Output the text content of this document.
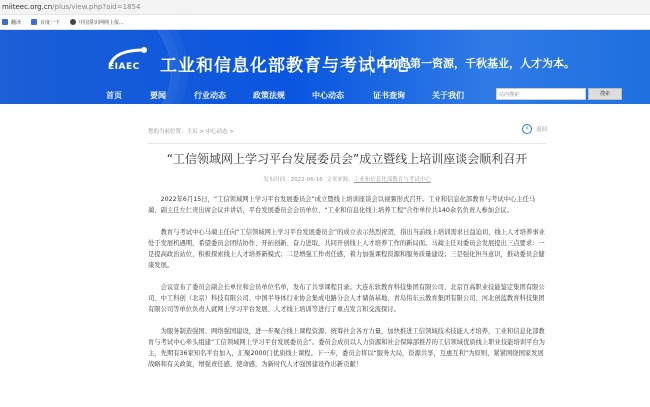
miiteec.org.cn/plus/view.php?aid=1854
翻译	百度一下	中国常识网网上报...
EIAEC 工业和信息化部教育与考试中心
人才是第一资源，千秋基业，人才为本。
首页	要闻	行业动态	政策法规	中心动态	证书查询	关于我们	站内搜索	搜索
您的当前位置：主页 > 中心动态 >	‹	返回
“工信领域网上学习平台发展委员会”成立暨线上培训座谈会顺利召开
发布时间：2022-06-16 文章来源：工业和信息化部教育与考试中心

2022年6月15日，“工信领域网上学习平台发展委员会”成立暨线上培训座谈会以视频形式召开。工业和信息化部教育与考试中心主任马蔺、副主任左仁贵出席会议并讲话，平台发展委员会会员单位、“工业和信息化线上培养工程”合作单位共140余名负责人参加会议。

教育与考试中心马蔺主任向“工信领域网上学习平台发展委员会”的成立表示热烈祝贺，指出当前线上培训需求日益迫切，线上人才培养事业处于发展机遇期，希望委员会团结协作、开拓创新、奋力进取，共同开创线上人才培养工作的新局面。马蔺主任对委员会发展提出三点要求：一是提高政治站位，积极探索线上人才培养新模式；二是增强工作责任感，着力加强课程资源和服务质量建设；三是强化担当意识，推动委员会健康发展。

会议宣布了委员会副会长单位和会员单位名单，发布了共享课程目录。大连东软教育科技集团有限公司、北京百高职业技能鉴定集团有限公司、中工科创（北京）科技有限公司、中国半导体行业协会集成电路分会人才储备基地、青岛伟东云教育集团有限公司、河北创蓝教育科技集团有限公司等单位负责人就网上学习平台发展、人才线上培训等进行了重点发言和交流探讨。

为服务制造强国、网络强国建设，进一步聚合线上课程资源、统筹社会各方力量，加快推进工信领域技术技能人才培养，工业和信息化部教育与考试中心牵头组建“工信领域网上学习平台发展委员会”。委员会成员以人力资源和社会保障部推荐的工信领域优质线上职业技能培训平台为主，先期有36家知名平台加入，汇聚2000门优质线上课程。下一步，委员会将以“服务大局，资源共享，互惠互利”为原则，紧紧围绕国家发展战略和有关政策，增强责任感、使命感，为新时代人才强国建设作出新贡献！
